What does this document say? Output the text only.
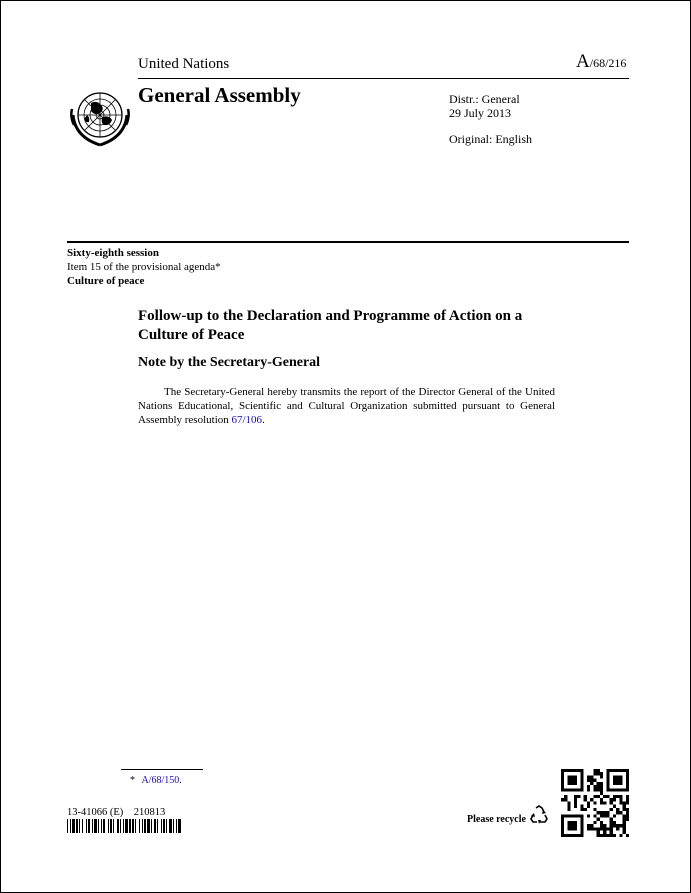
United Nations	A/68/216
General Assembly	Distr.: General
29 July 2013
Original: English
Sixty-eighth session
Item 15 of the provisional agenda*
Culture of peace
Follow-up to the Declaration and Programme of Action on a Culture of Peace
Note by the Secretary-General
The Secretary-General hereby transmits the report of the Director General of the United Nations Educational, Scientific and Cultural Organization submitted pursuant to General Assembly resolution 67/106.
* A/68/150.
13-41066 (E)    210813
Please recycle
